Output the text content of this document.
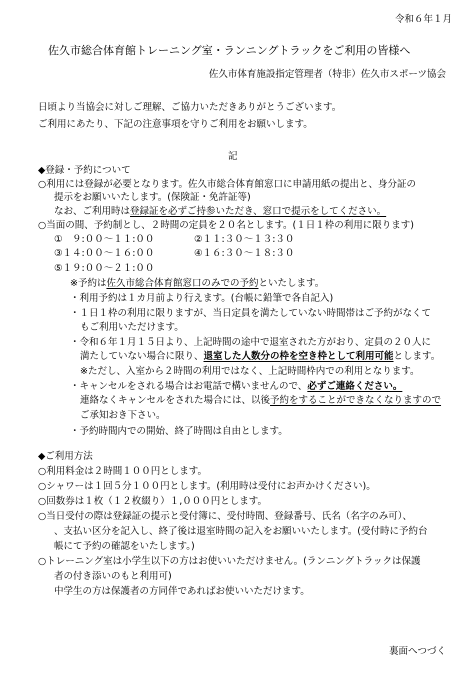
令和６年１月
佐久市総合体育館トレーニング室・ランニングトラックをご利用の皆様へ
佐久市体育施設指定管理者（特非）佐久市スポーツ協会
日頃より当協会に対しご理解、ご協力いただきありがとうございます。
ご利用にあたり、下記の注意事項を守りご利用をお願いします。
記
◆登録・予約について
○利用には登録が必要となります。佐久市総合体育館窓口に申請用紙の提出と、身分証の
提示をお願いいたします。(保険証・免許証等)
なお、ご利用時は登録証を必ずご持参いただき、窓口で提示をしてください。
○当面の間、予約制とし、２時間の定員を２０名とします。(１日１枠の利用に限ります)
①　９:００～１１:００	②１１:３０～１３:３０
③１４:００～１６:００	④１６:３０～１８:３０
⑤１９:００～２１:００
※予約は佐久市総合体育館窓口のみでの予約といたします。
・利用予約は１カ月前より行えます。(台帳に鉛筆で各自記入)
・１日１枠の利用に限りますが、当日定員を満たしていない時間帯はご予約がなくて
もご利用いただけます。
・令和６年１月１５日より、上記時間の途中で退室された方がおり、定員の２０人に
満たしていない場合に限り、退室した人数分の枠を空き枠として利用可能とします。
※ただし、入室から２時間の利用ではなく、上記時間枠内での利用となります。
・キャンセルをされる場合はお電話で構いませんので、必ずご連絡ください。
連絡なくキャンセルをされた場合には、以後予約をすることができなくなりますので
ご承知おき下さい。
・予約時間内での開始、終了時間は自由とします。
◆ご利用方法
○利用料金は２時間１００円とします。
○シャワーは１回５分１００円とします。(利用時は受付にお声かけください)。
○回数券は１枚（１２枚綴り）１,０００円とします。
○当日受付の際は登録証の提示と受付簿に、受付時間、登録番号、氏名（名字のみ可）、
、支払い区分を記入し、終了後は退室時間の記入をお願いいたします。(受付時に予約台
帳にて予約の確認をいたします。)
○トレーニング室は小学生以下の方はお使いいただけません。(ランニングトラックは保護
者の付き添いのもと利用可)
中学生の方は保護者の方同伴であればお使いいただけます。
裏面へつづく
